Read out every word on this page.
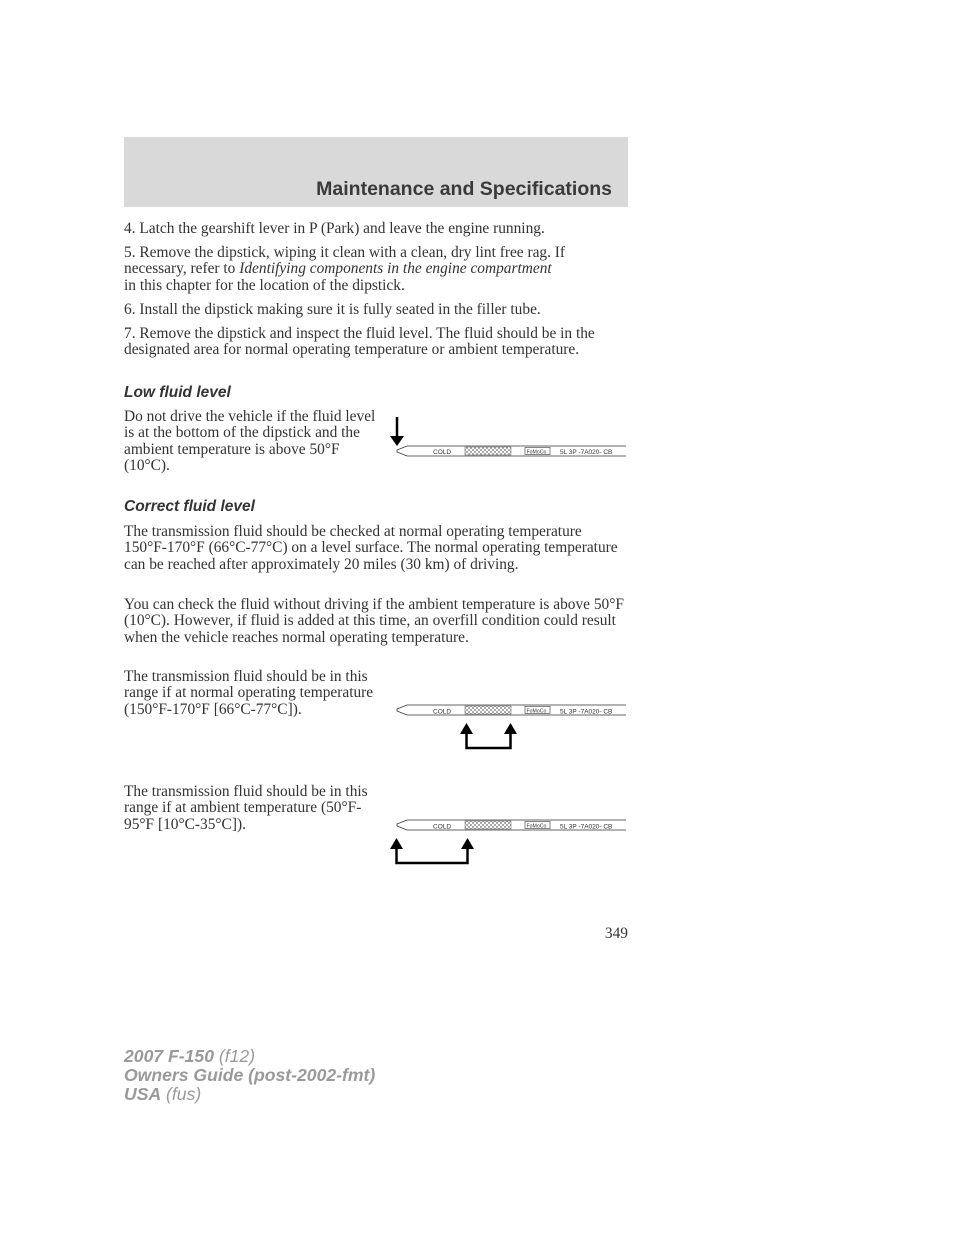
Maintenance and Specifications

4. Latch the gearshift lever in P (Park) and leave the engine running.

5. Remove the dipstick, wiping it clean with a clean, dry lint free rag. If
necessary, refer to Identifying components in the engine compartment
in this chapter for the location of the dipstick.

6. Install the dipstick making sure it is fully seated in the filler tube.

7. Remove the dipstick and inspect the fluid level. The fluid should be in the designated area for normal operating temperature or ambient temperature.

Low fluid level

Do not drive the vehicle if the fluid level is at the bottom of the dipstick and the ambient temperature is above 50°F (10°C).

COLD	FoMoCo 5L 3P -7A020- CB
Correct fluid level

The transmission fluid should be checked at normal operating temperature 150°F-170°F (66°C-77°C) on a level surface. The normal operating temperature can be reached after approximately 20 miles (30 km) of driving.

You can check the fluid without driving if the ambient temperature is above 50°F (10°C). However, if fluid is added at this time, an overfill condition could result when the vehicle reaches normal operating temperature.

The transmission fluid should be in this range if at normal operating temperature (150°F-170°F [66°C-77°C]).	COLD	FoMoCo 5L 3P -7A020- CB

The transmission fluid should be in this range if at ambient temperature (50°F-95°F [10°C-35°C]).	COLD	FoMoCo 5L 3P -7A020- CB
349
2007 F-150 (f12)
Owners Guide (post-2002-fmt)
USA (fus)
